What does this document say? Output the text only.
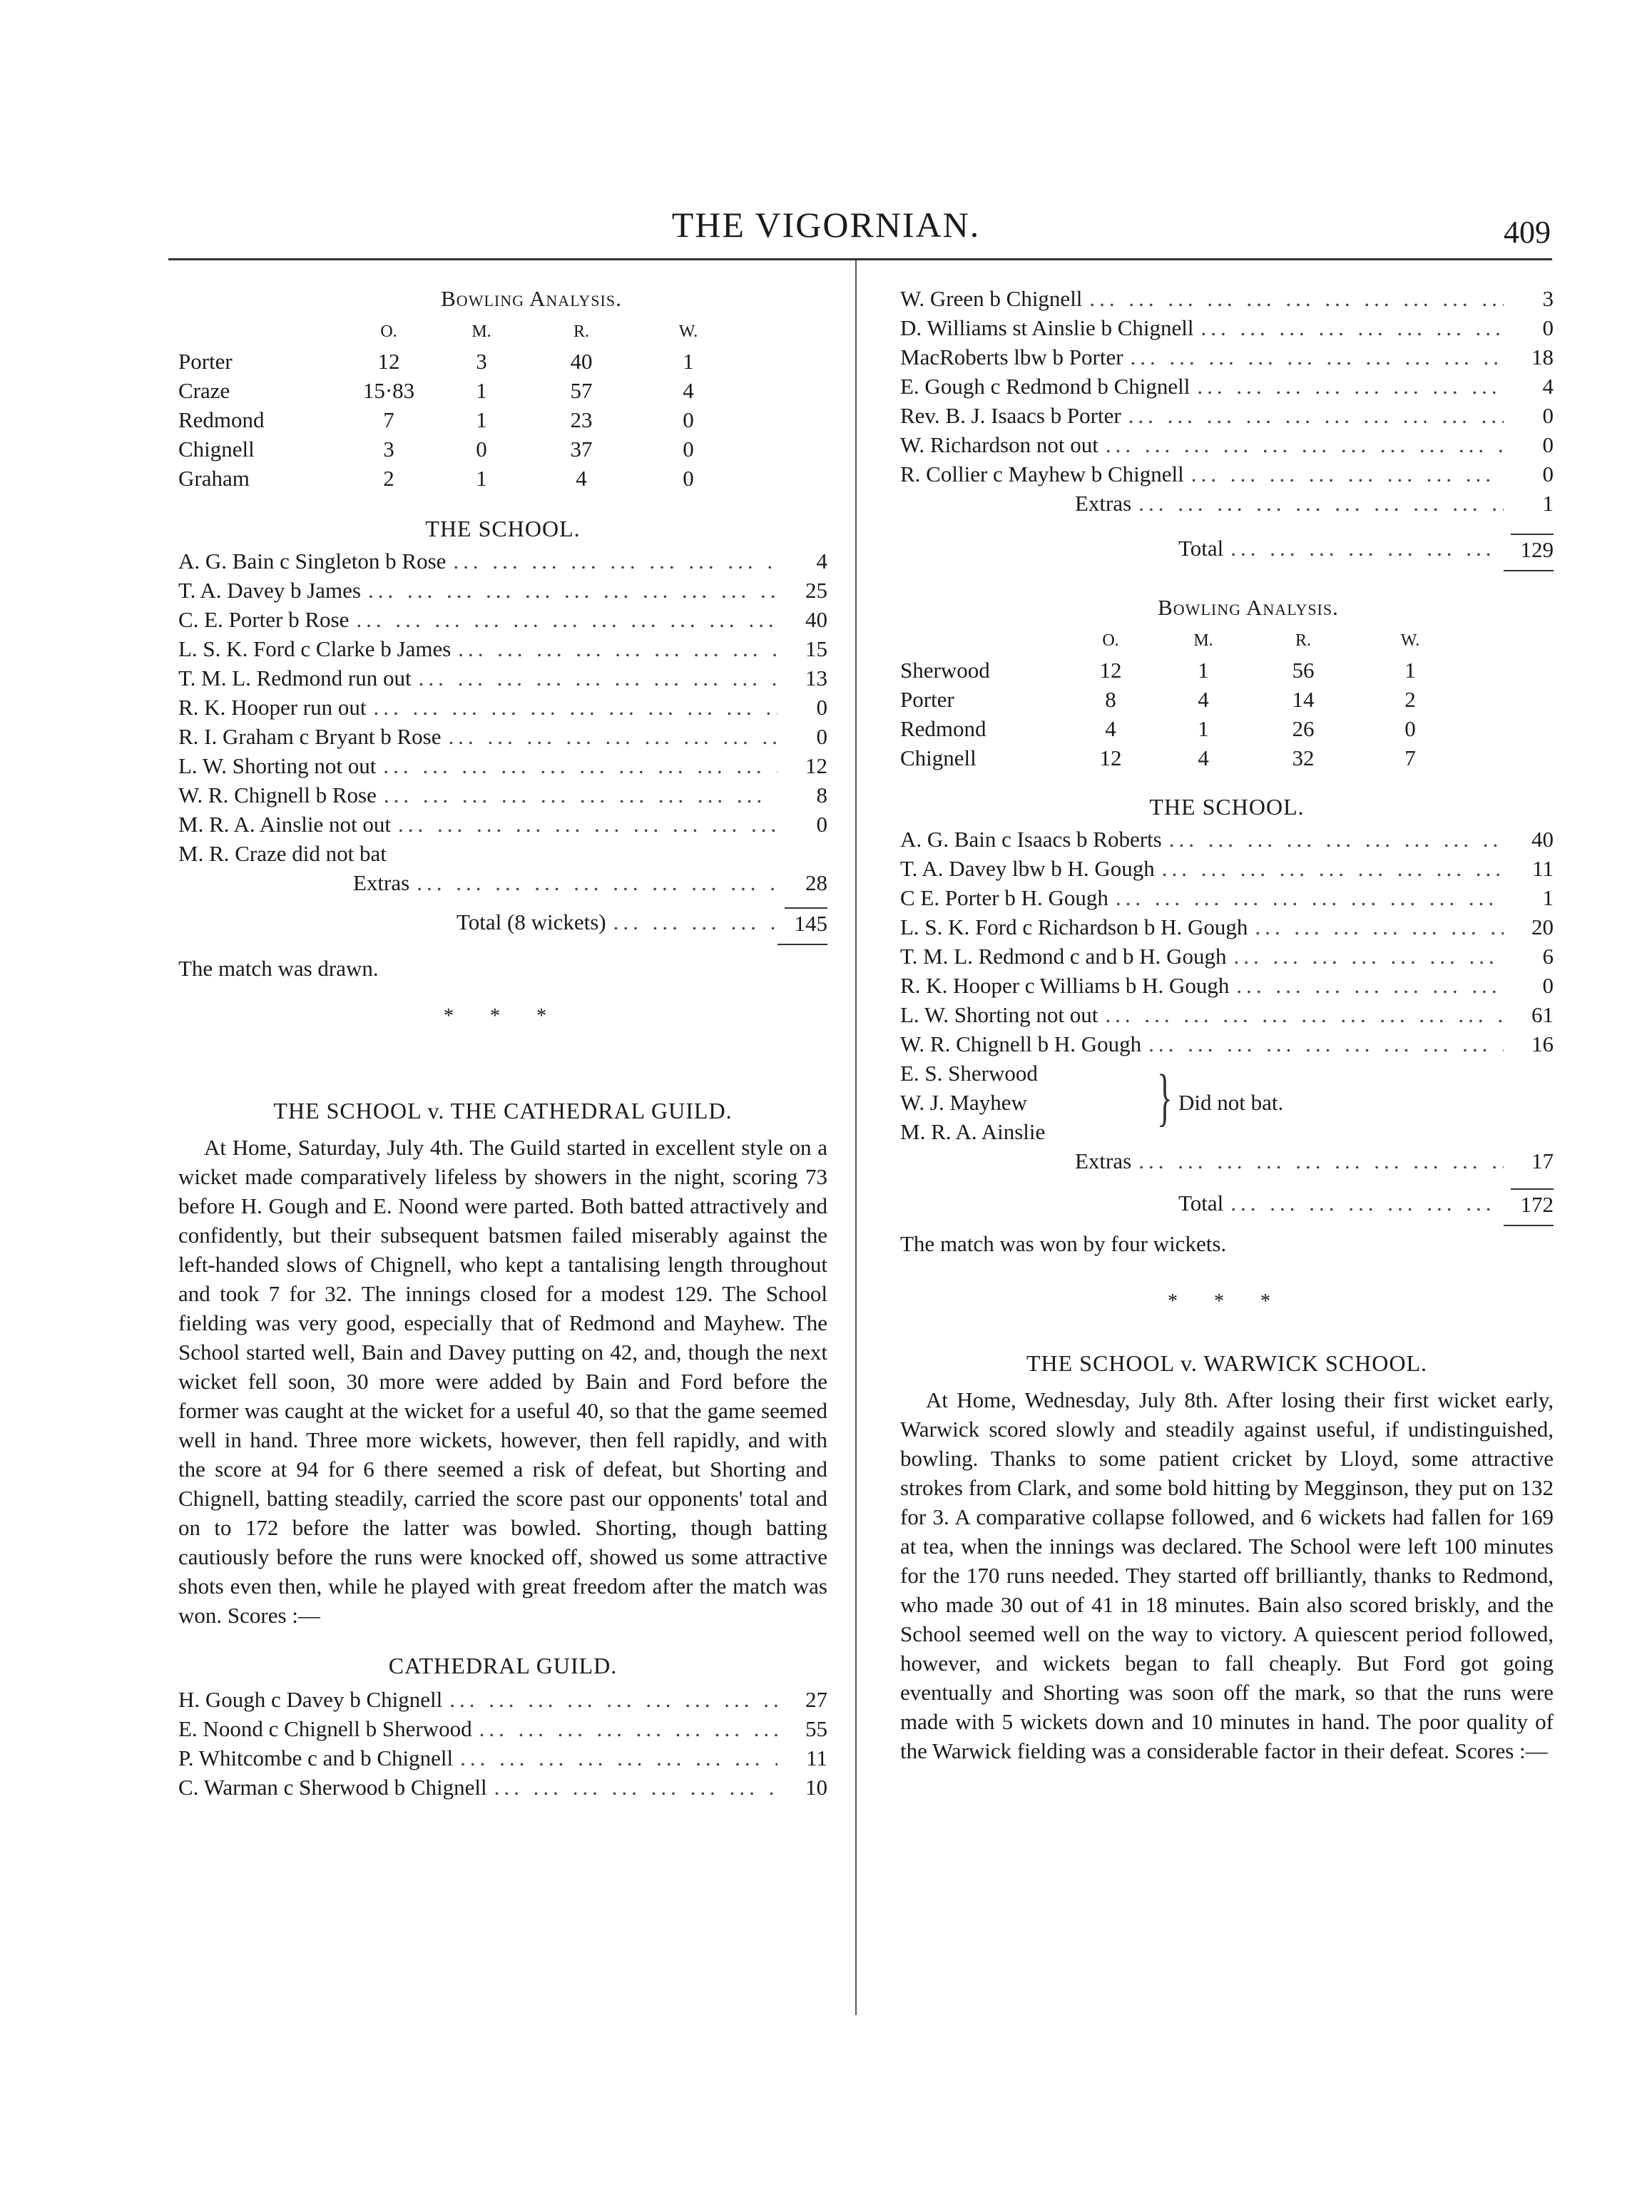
THE VIGORNIAN.	409
Bowling Analysis.
O.	M.	R.	W.
Porter	12	3	40	1
Craze	15·83	1	57	4
Redmond	7	1	23	0
Chignell	3	0	37	0
Graham	2	1	4	0
THE SCHOOL.
A. G. Bain c Singleton b Rose ... .	4
T. A. Davey b James ... .	25
C. E. Porter b Rose ... .	40
L. S. K. Ford c Clarke b James ... .	15
T. M. L. Redmond run out ... .	13
R. K. Hooper run out ... .	0
R. I. Graham c Bryant b Rose ... .	0
L. W. Shorting not out ... .	12
W. R. Chignell b Rose ... .	8
M. R. A. Ainslie not out ... .	0
M. R. Craze did not bat
Extras ... .	28
Total (8 wickets) ... .	145
The match was drawn.
* * *
THE SCHOOL v. THE CATHEDRAL GUILD.

At Home, Saturday, July 4th. The Guild started in excellent style on a wicket made comparatively lifeless by showers in the night, scoring 73 before H. Gough and E. Noond were parted. Both batted attractively and confidently, but their subsequent batsmen failed miserably against the left-handed slows of Chignell, who kept a tantalising length throughout and took 7 for 32. The innings closed for a modest 129. The School fielding was very good, especially that of Redmond and Mayhew. The School started well, Bain and Davey putting on 42, and, though the next wicket fell soon, 30 more were added by Bain and Ford before the former was caught at the wicket for a useful 40, so that the game seemed well in hand. Three more wickets, however, then fell rapidly, and with the score at 94 for 6 there seemed a risk of defeat, but Shorting and Chignell, batting steadily, carried the score past our opponents' total and on to 172 before the latter was bowled. Shorting, though batting cautiously before the runs were knocked off, showed us some attractive shots even then, while he played with great freedom after the match was won. Scores :—

CATHEDRAL GUILD.
H. Gough c Davey b Chignell ... .	27
E. Noond c Chignell b Sherwood ... .	55
P. Whitcombe c and b Chignell ... .	11
C. Warman c Sherwood b Chignell ... .	10
W. Green b Chignell ... .	3
D. Williams st Ainslie b Chignell ... .	0
MacRoberts lbw b Porter ... .	18
E. Gough c Redmond b Chignell ... .	4
Rev. B. J. Isaacs b Porter ... .	0
W. Richardson not out ... .	0
R. Collier c Mayhew b Chignell ... .	0
Extras ... .	1
Total ... .	129
Bowling Analysis.
O.	M.	R.	W.
Sherwood	12	1	56	1
Porter	8	4	14	2
Redmond	4	1	26	0
Chignell	12	4	32	7
THE SCHOOL.
A. G. Bain c Isaacs b Roberts ... .	40
T. A. Davey lbw b H. Gough ... .	11
C E. Porter b H. Gough ... .	1
L. S. K. Ford c Richardson b H. Gough ... .	20
T. M. L. Redmond c and b H. Gough ... .	6
R. K. Hooper c Williams b H. Gough ... .	0
L. W. Shorting not out ... .	61
W. R. Chignell b H. Gough ... .	16
E. S. Sherwood
W. J. Mayhew
M. R. A. Ainslie	} Did not bat.
Extras ... .	17
Total ... .	172
The match was won by four wickets.
* * *
THE SCHOOL v. WARWICK SCHOOL.

At Home, Wednesday, July 8th. After losing their first wicket early, Warwick scored slowly and steadily against useful, if undistinguished, bowling. Thanks to some patient cricket by Lloyd, some attractive strokes from Clark, and some bold hitting by Megginson, they put on 132 for 3. A comparative collapse followed, and 6 wickets had fallen for 169 at tea, when the innings was declared. The School were left 100 minutes for the 170 runs needed. They started off brilliantly, thanks to Redmond, who made 30 out of 41 in 18 minutes. Bain also scored briskly, and the School seemed well on the way to victory. A quiescent period followed, however, and wickets began to fall cheaply. But Ford got going eventually and Shorting was soon off the mark, so that the runs were made with 5 wickets down and 10 minutes in hand. The poor quality of the Warwick fielding was a considerable factor in their defeat. Scores :—
